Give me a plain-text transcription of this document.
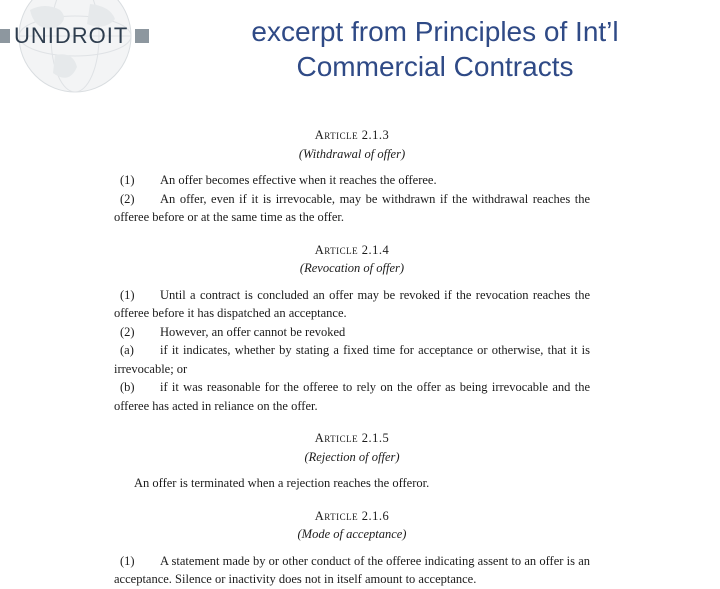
UNIDROIT	excerpt from Principles of Int’l Commercial Contracts
Article 2.1.3
(Withdrawal of offer)
(1) An offer becomes effective when it reaches the offeree.
(2) An offer, even if it is irrevocable, may be withdrawn if the withdrawal reaches the offeree before or at the same time as the offer.
Article 2.1.4
(Revocation of offer)
(1) Until a contract is concluded an offer may be revoked if the revocation reaches the offeree before it has dispatched an acceptance.
(2) However, an offer cannot be revoked
(a) if it indicates, whether by stating a fixed time for acceptance or otherwise, that it is irrevocable; or
(b) if it was reasonable for the offeree to rely on the offer as being irrevocable and the offeree has acted in reliance on the offer.
Article 2.1.5
(Rejection of offer)
An offer is terminated when a rejection reaches the offeror.
Article 2.1.6
(Mode of acceptance)
(1) A statement made by or other conduct of the offeree indicating assent to an offer is an acceptance. Silence or inactivity does not in itself amount to acceptance.
